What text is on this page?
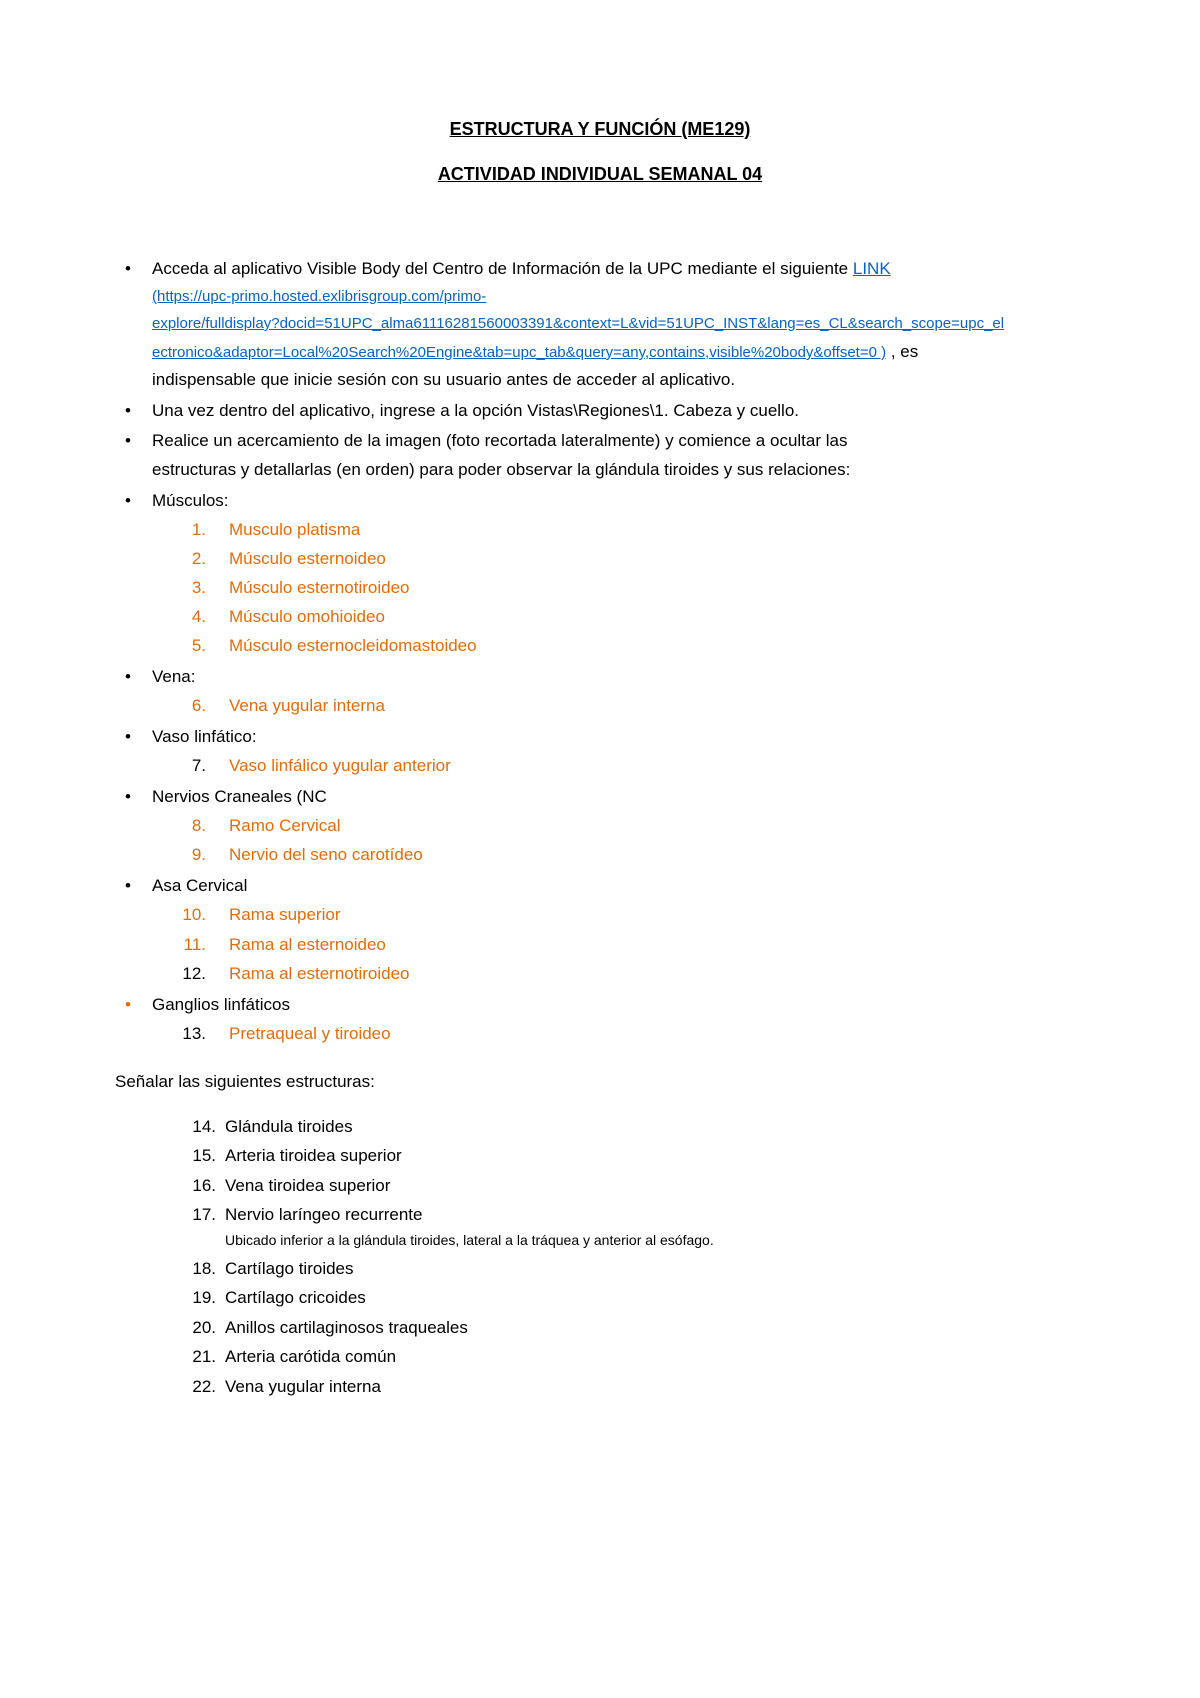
ESTRUCTURA Y FUNCIÓN (ME129)
ACTIVIDAD INDIVIDUAL SEMANAL 04
• Acceda al aplicativo Visible Body del Centro de Información de la UPC mediante el siguiente LINK
(https://upc-primo.hosted.exlibrisgroup.com/primo-
explore/fulldisplay?docid=51UPC_alma61116281560003391&context=L&vid=51UPC_INST&lang=es_CL&search_scope=upc_el
ectronico&adaptor=Local%20Search%20Engine&tab=upc_tab&query=any,contains,visible%20body&offset=0 ) , es
indispensable que inicie sesión con su usuario antes de acceder al aplicativo.
• Una vez dentro del aplicativo, ingrese a la opción Vistas\Regiones\1. Cabeza y cuello.
• Realice un acercamiento de la imagen (foto recortada lateralmente) y comience a ocultar las
estructuras y detallarlas (en orden) para poder observar la glándula tiroides y sus relaciones:
• Músculos:
1. Musculo platisma
2. Músculo esternoideo
3. Músculo esternotiroideo
4. Músculo omohioideo
5. Músculo esternocleidomastoideo
• Vena:
6. Vena yugular interna
• Vaso linfático:
7. Vaso linfálico yugular anterior
• Nervios Craneales (NC
8. Ramo Cervical
9. Nervio del seno carotídeo
• Asa Cervical
10. Rama superior
11. Rama al esternoideo
12. Rama al esternotiroideo
• Ganglios linfáticos
13. Pretraqueal y tiroideo
Señalar las siguientes estructuras:
14. Glándula tiroides
15. Arteria tiroidea superior
16. Vena tiroidea superior
17. Nervio laríngeo recurrente
Ubicado inferior a la glándula tiroides, lateral a la tráquea y anterior al esófago.
18. Cartílago tiroides
19. Cartílago cricoides
20. Anillos cartilaginosos traqueales
21. Arteria carótida común
22. Vena yugular interna
